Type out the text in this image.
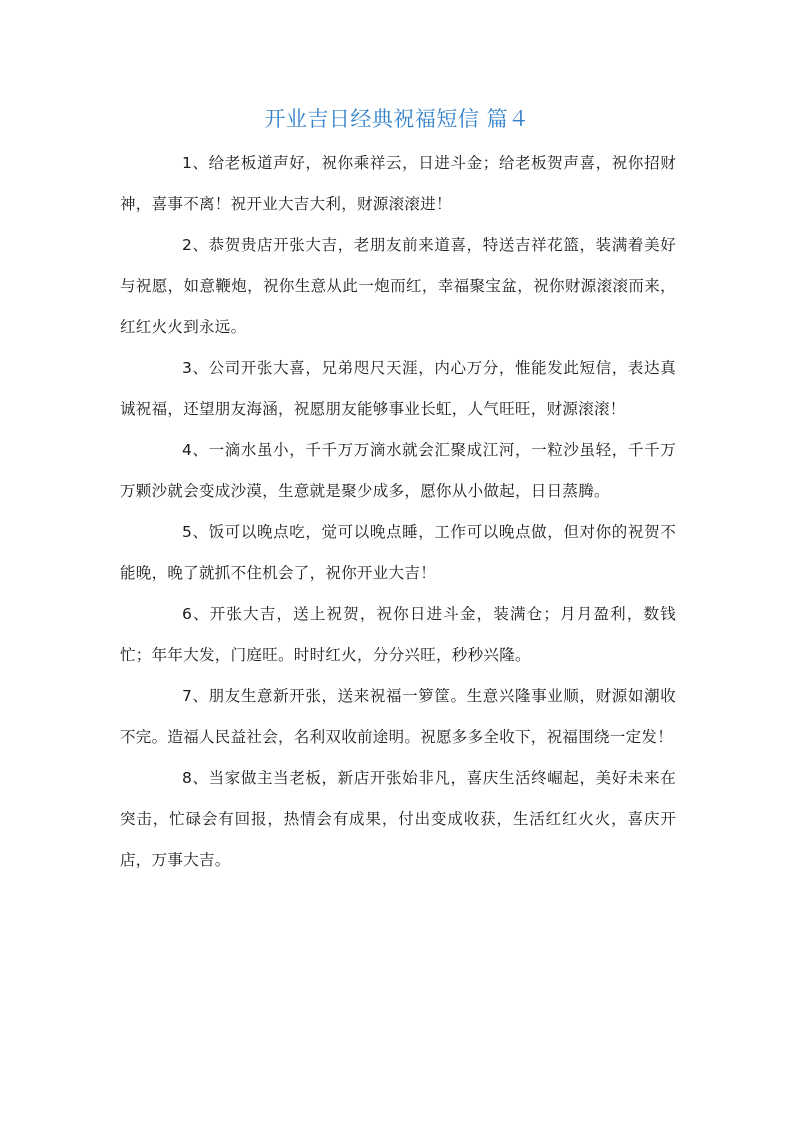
开业吉日经典祝福短信 篇４

1、给老板道声好，祝你乘祥云，日进斗金；给老板贺声喜，祝你招财神，喜事不离！祝开业大吉大利，财源滚滚进！

2、恭贺贵店开张大吉，老朋友前来道喜，特送吉祥花篮，装满着美好与祝愿，如意鞭炮，祝你生意从此一炮而红，幸福聚宝盆，祝你财源滚滚而来，红红火火到永远。

3、公司开张大喜，兄弟咫尺天涯，内心万分，惟能发此短信，表达真诚祝福，还望朋友海涵，祝愿朋友能够事业长虹，人气旺旺，财源滚滚！

4、一滴水虽小，千千万万滴水就会汇聚成江河，一粒沙虽轻，千千万万颗沙就会变成沙漠，生意就是聚少成多，愿你从小做起，日日蒸腾。

5、饭可以晚点吃，觉可以晚点睡，工作可以晚点做，但对你的祝贺不能晚，晚了就抓不住机会了，祝你开业大吉！

6、开张大吉，送上祝贺，祝你日进斗金，装满仓；月月盈利，数钱忙；年年大发，门庭旺。时时红火，分分兴旺，秒秒兴隆。

7、朋友生意新开张，送来祝福一箩筐。生意兴隆事业顺，财源如潮收不完。造福人民益社会，名利双收前途明。祝愿多多全收下，祝福围绕一定发！

8、当家做主当老板，新店开张始非凡，喜庆生活终崛起，美好未来在突击，忙碌会有回报，热情会有成果，付出变成收获，生活红红火火，喜庆开店，万事大吉。
